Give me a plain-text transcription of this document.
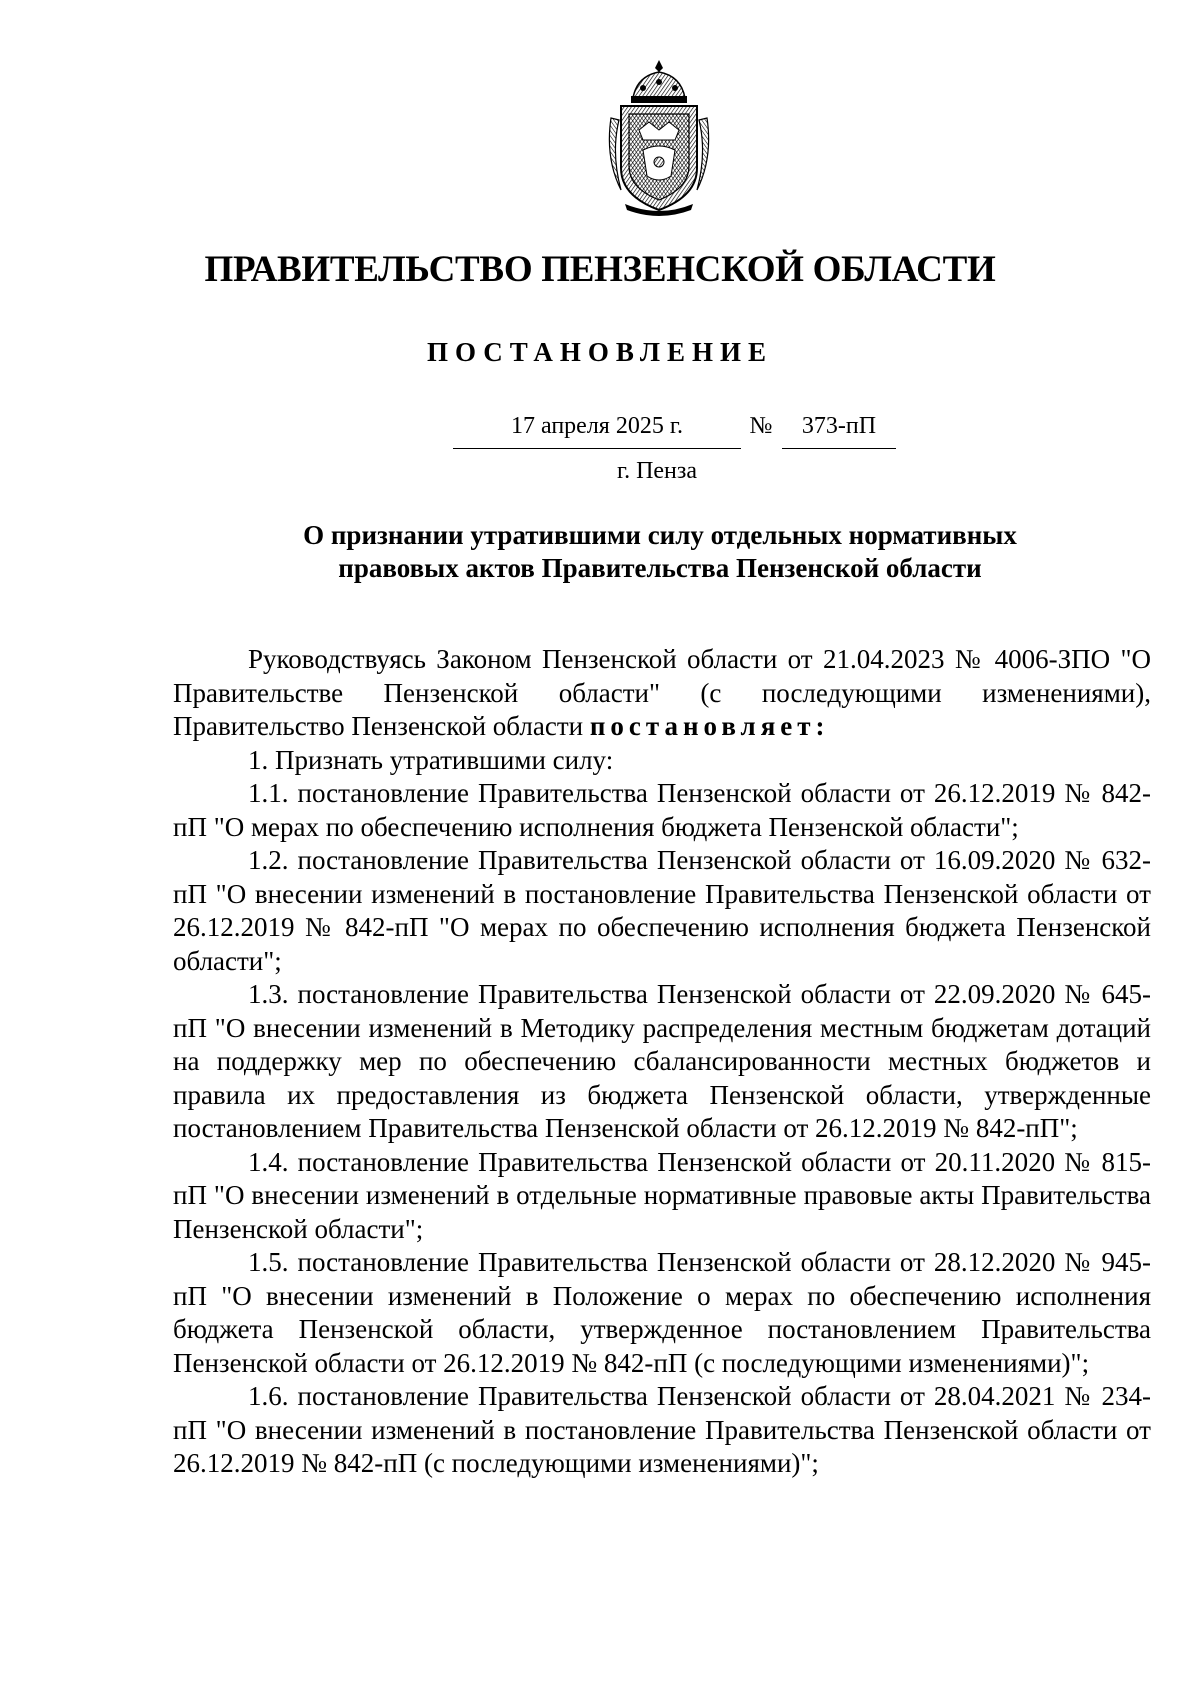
ПРАВИТЕЛЬСТВО ПЕНЗЕНСКОЙ ОБЛАСТИ
ПОСТАНОВЛЕНИЕ
17 апреля 2025 г.	№	373-пП
г. Пенза
О признании утратившими силу отдельных нормативных
правовых актов Правительства Пензенской области

Руководствуясь Законом Пензенской области от 21.04.2023 № 4006-ЗПО "О Правительстве Пензенской области" (с последующими изменениями), Правительство Пензенской области постановляет:

1. Признать утратившими силу:

1.1. постановление Правительства Пензенской области от 26.12.2019 № 842-пП "О мерах по обеспечению исполнения бюджета Пензенской области";

1.2. постановление Правительства Пензенской области от 16.09.2020 № 632-пП "О внесении изменений в постановление Правительства Пензенской области от 26.12.2019 № 842-пП "О мерах по обеспечению исполнения бюджета Пензенской области";

1.3. постановление Правительства Пензенской области от 22.09.2020 № 645-пП "О внесении изменений в Методику распределения местным бюджетам дотаций на поддержку мер по обеспечению сбалансированности местных бюджетов и правила их предоставления из бюджета Пензенской области, утвержденные постановлением Правительства Пензенской области от 26.12.2019 № 842-пП";

1.4. постановление Правительства Пензенской области от 20.11.2020 № 815-пП "О внесении изменений в отдельные нормативные правовые акты Правительства Пензенской области";

1.5. постановление Правительства Пензенской области от 28.12.2020 № 945-пП "О внесении изменений в Положение о мерах по обеспечению исполнения бюджета Пензенской области, утвержденное постановлением Правительства Пензенской области от 26.12.2019 № 842-пП (с последующими изменениями)";

1.6. постановление Правительства Пензенской области от 28.04.2021 № 234-пП "О внесении изменений в постановление Правительства Пензенской области от 26.12.2019 № 842-пП (с последующими изменениями)";
